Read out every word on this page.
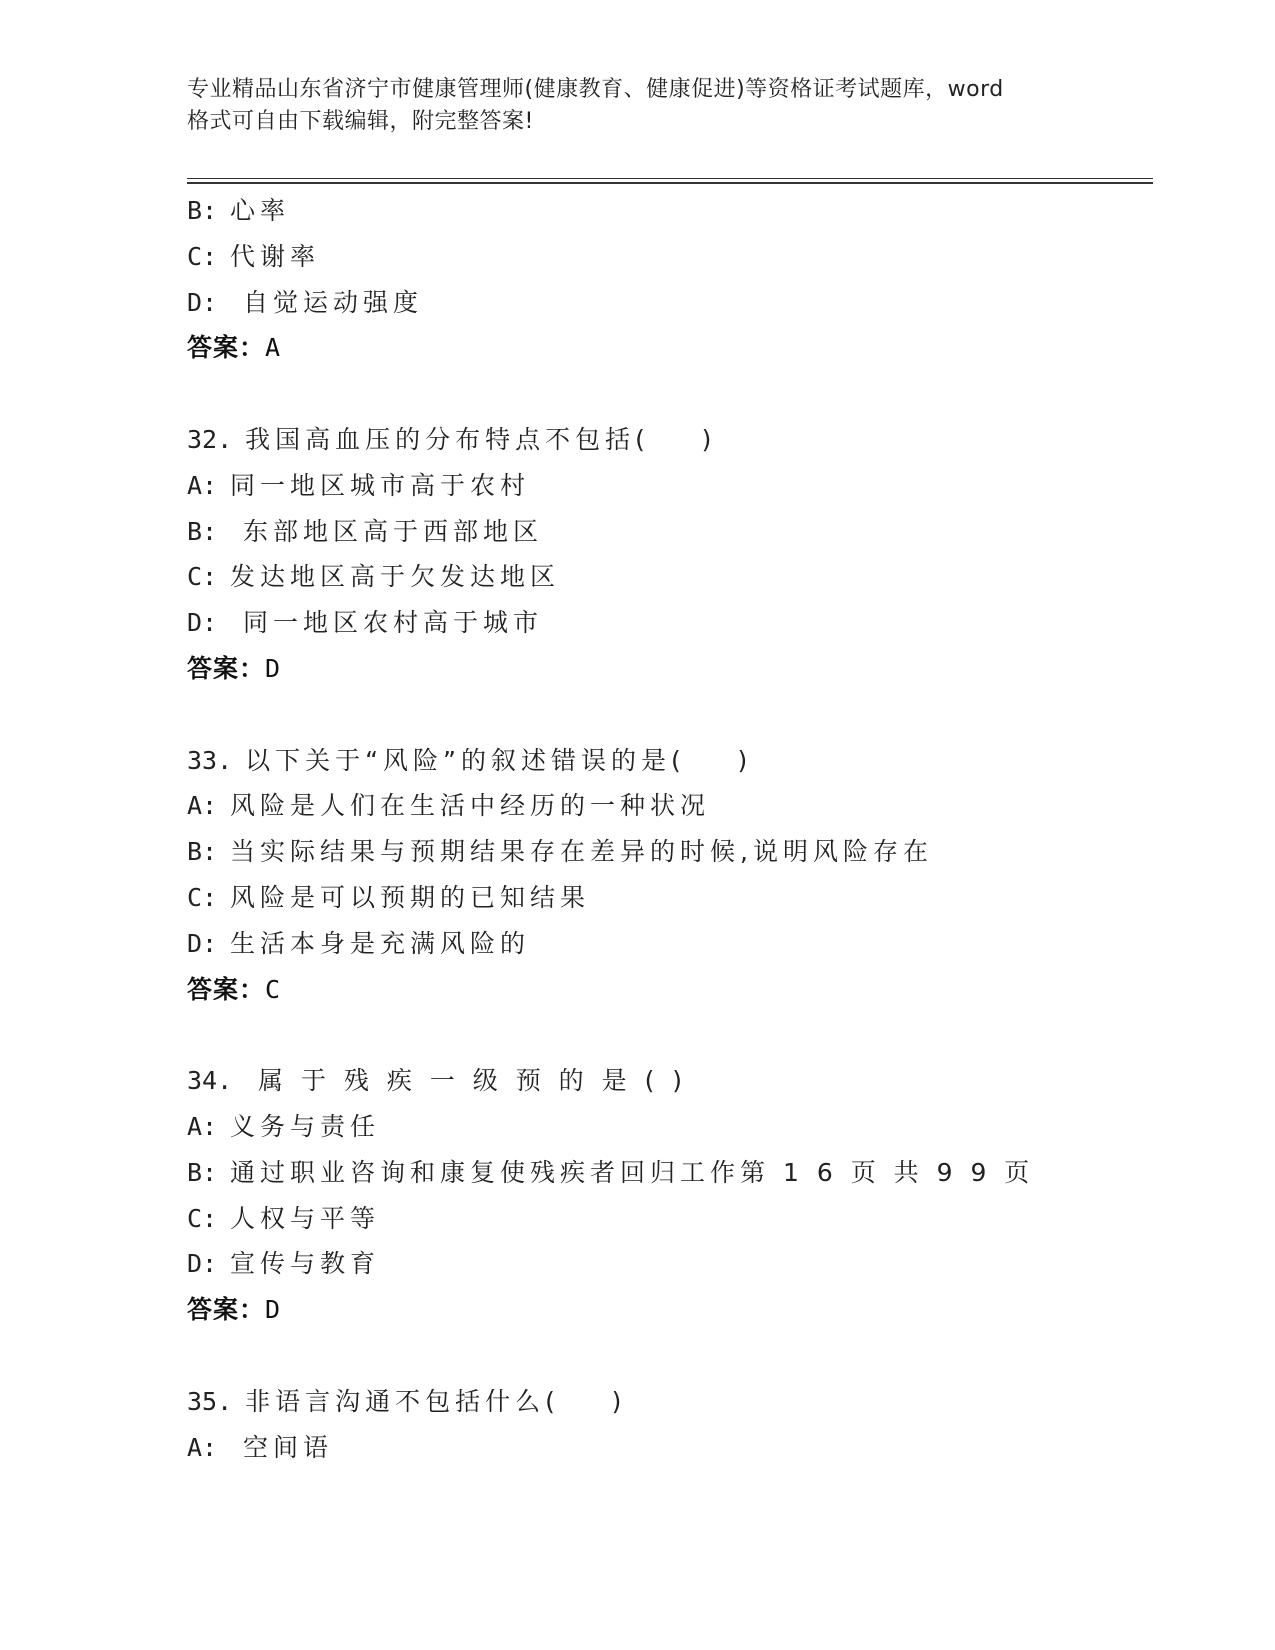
专业精品山东省济宁市健康管理师(健康教育、健康促进)等资格证考试题库，word
格式可自由下载编辑，附完整答案!
B: 心率
C: 代谢率
D:  自觉运动强度
答案：A
32. 我国高血压的分布特点不包括(    )
A: 同一地区城市高于农村
B:  东部地区高于西部地区
C: 发达地区高于欠发达地区
D:  同一地区农村高于城市
答案：D
33. 以下关于“风险”的叙述错误的是(    )
A: 风险是人们在生活中经历的一种状况
B: 当实际结果与预期结果存在差异的时候,说明风险存在
C: 风险是可以预期的已知结果
D: 生活本身是充满风险的
答案：C
34.  属 于 残 疾 一 级 预 的 是 ( )
A: 义务与责任
B: 通过职业咨询和康复使残疾者回归工作第 1 6 页 共 9 9 页
C: 人权与平等
D: 宣传与教育
答案：D
35. 非语言沟通不包括什么(    )
A:  空间语
